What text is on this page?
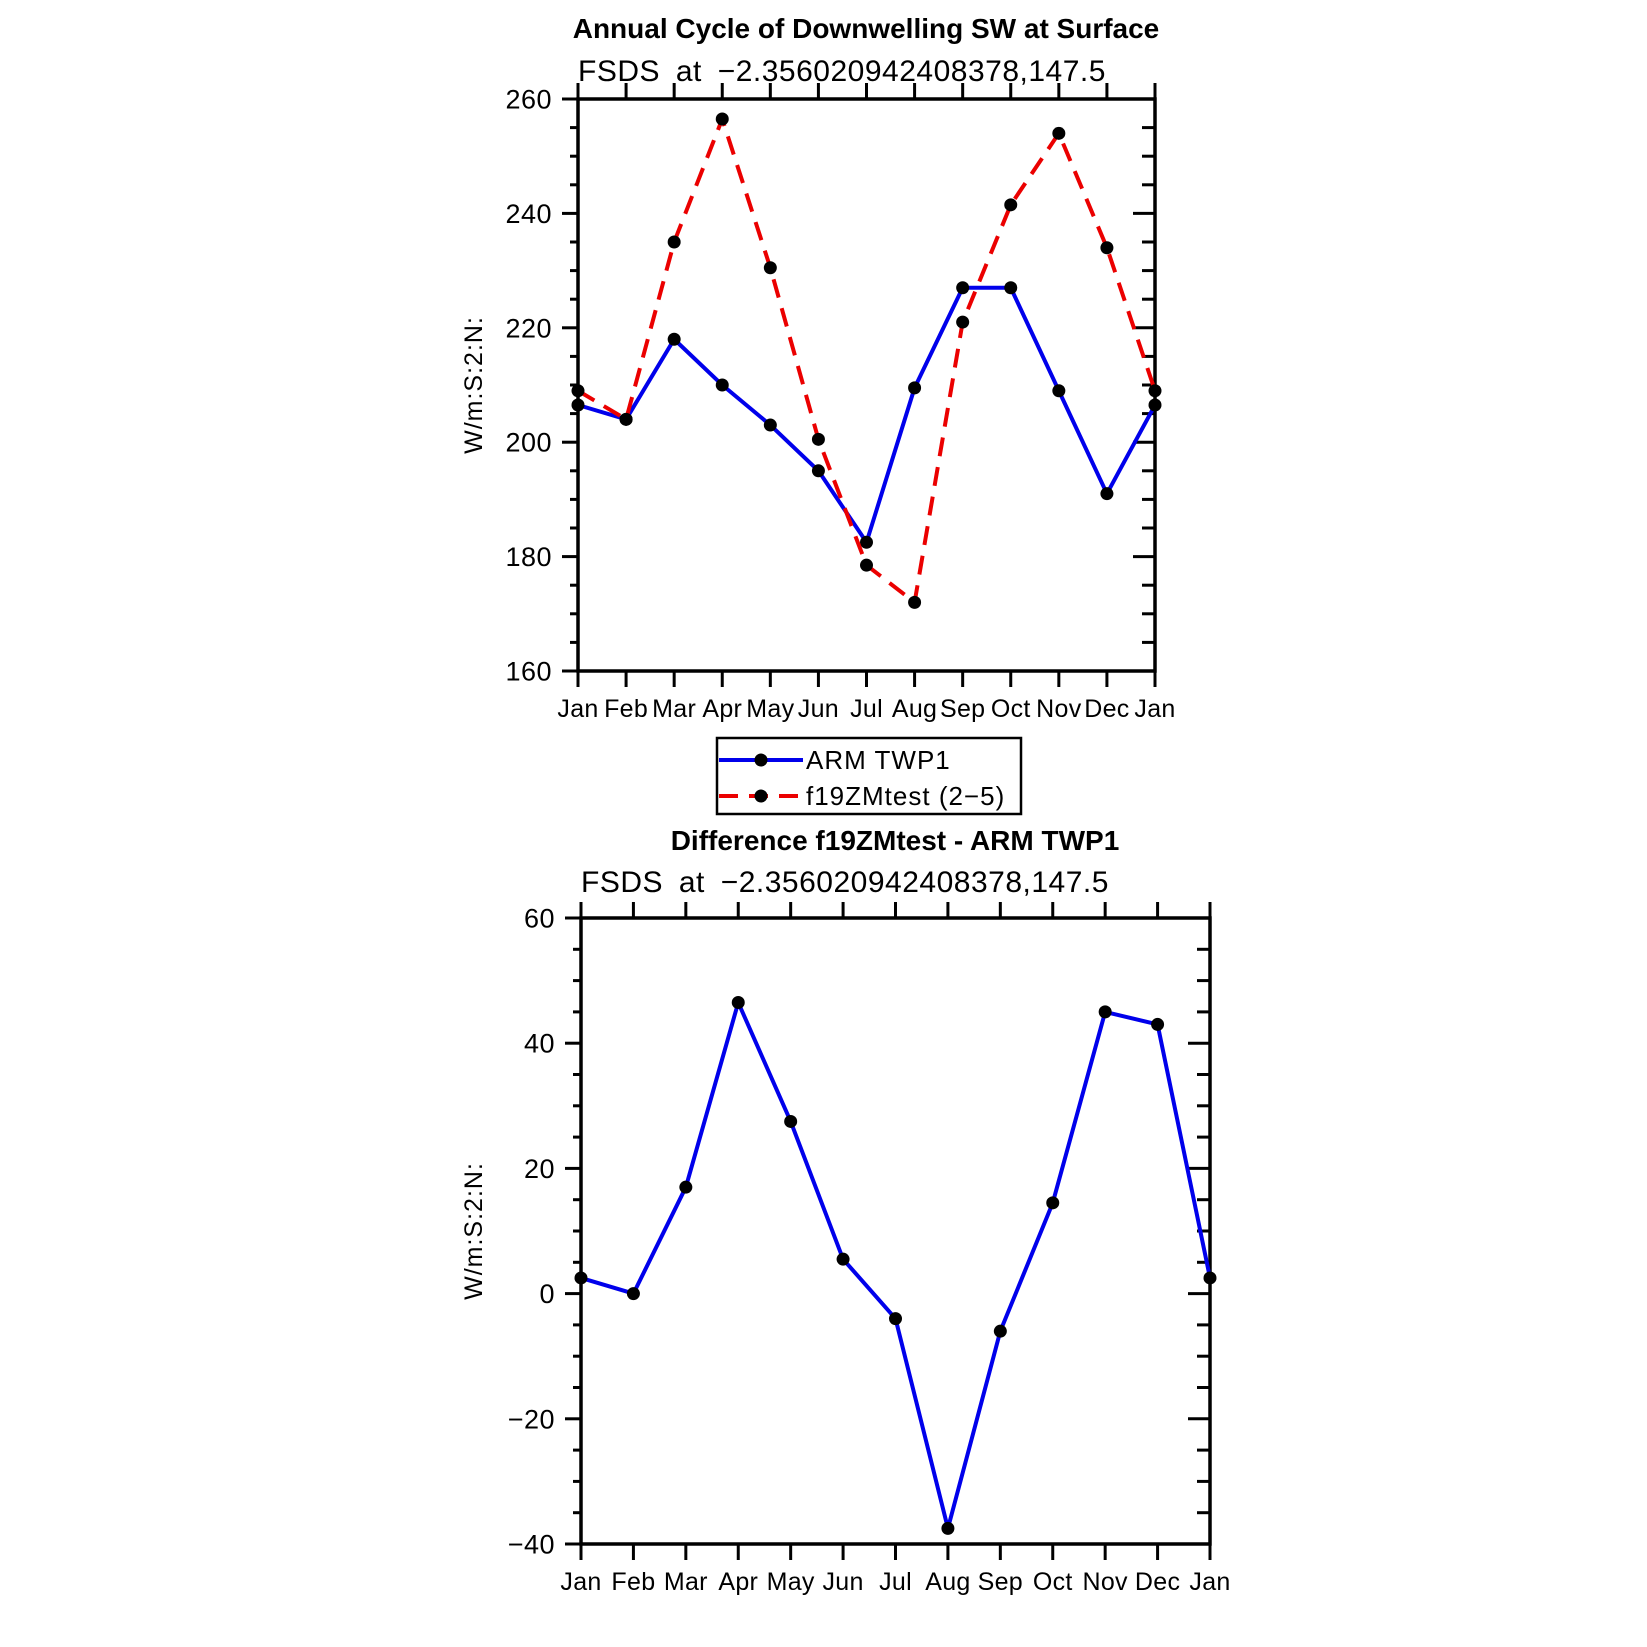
Annual Cycle of Downwelling SW at Surface
FSDS at −2.356020942408378,147.5
W/m:S:2:N:
Jan Feb Mar Apr May Jun Jul Aug Sep Oct Nov Dec Jan
160
180
200
220
240
260
ARM TWP1
f19ZMtest (2−5)
Difference f19ZMtest - ARM TWP1
FSDS at −2.356020942408378,147.5
W/m:S:2:N:
Jan Feb Mar Apr May Jun Jul Aug Sep Oct Nov Dec Jan
−40
−20
0
20
40
60
